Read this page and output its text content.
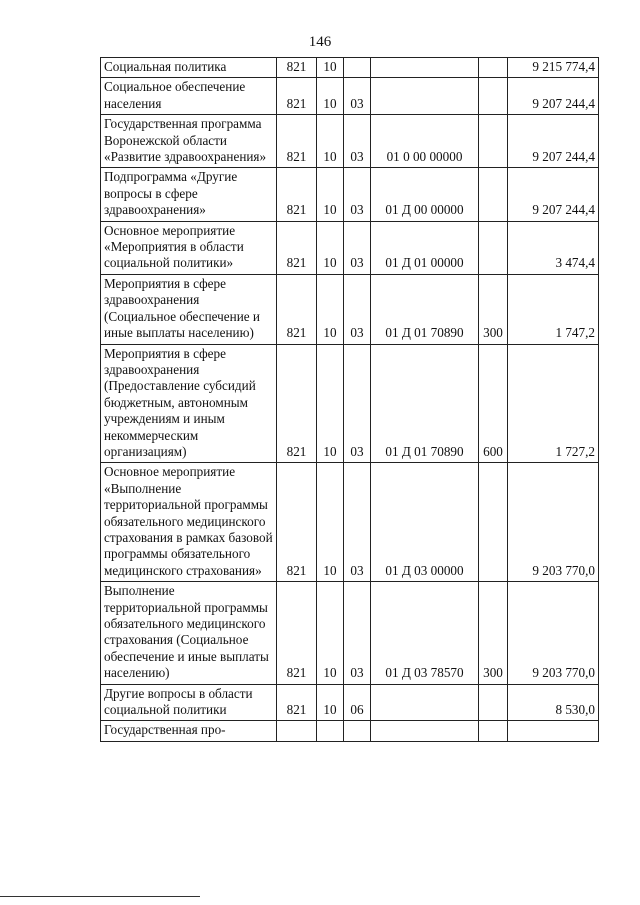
146
Социальная политика	821	10				9 215 774,4
Социальное обеспечение населения	821	10	03			9 207 244,4
Государственная программа Воронежской области «Развитие здравоохранения»	821	10	03	01 0 00 00000		9 207 244,4
Подпрограмма «Другие вопросы в сфере здравоохранения»	821	10	03	01 Д 00 00000		9 207 244,4
Основное мероприятие «Мероприятия в области социальной политики»	821	10	03	01 Д 01 00000		3 474,4
Мероприятия в сфере здравоохранения (Социальное обеспечение и иные выплаты населению)	821	10	03	01 Д 01 70890	300	1 747,2
Мероприятия в сфере здравоохранения (Предоставление субсидий бюджетным, автономным учреждениям и иным некоммерческим организациям)	821	10	03	01 Д 01 70890	600	1 727,2
Основное мероприятие «Выполнение территориальной программы обязательного медицинского страхования в рамках базовой программы обязательного медицинского страхования»	821	10	03	01 Д 03 00000		9 203 770,0
Выполнение территориальной программы обязательного медицинского страхования (Социальное обеспечение и иные выплаты населению)	821	10	03	01 Д 03 78570	300	9 203 770,0
Другие вопросы в области социальной политики	821	10	06			8 530,0
Государственная про-						
